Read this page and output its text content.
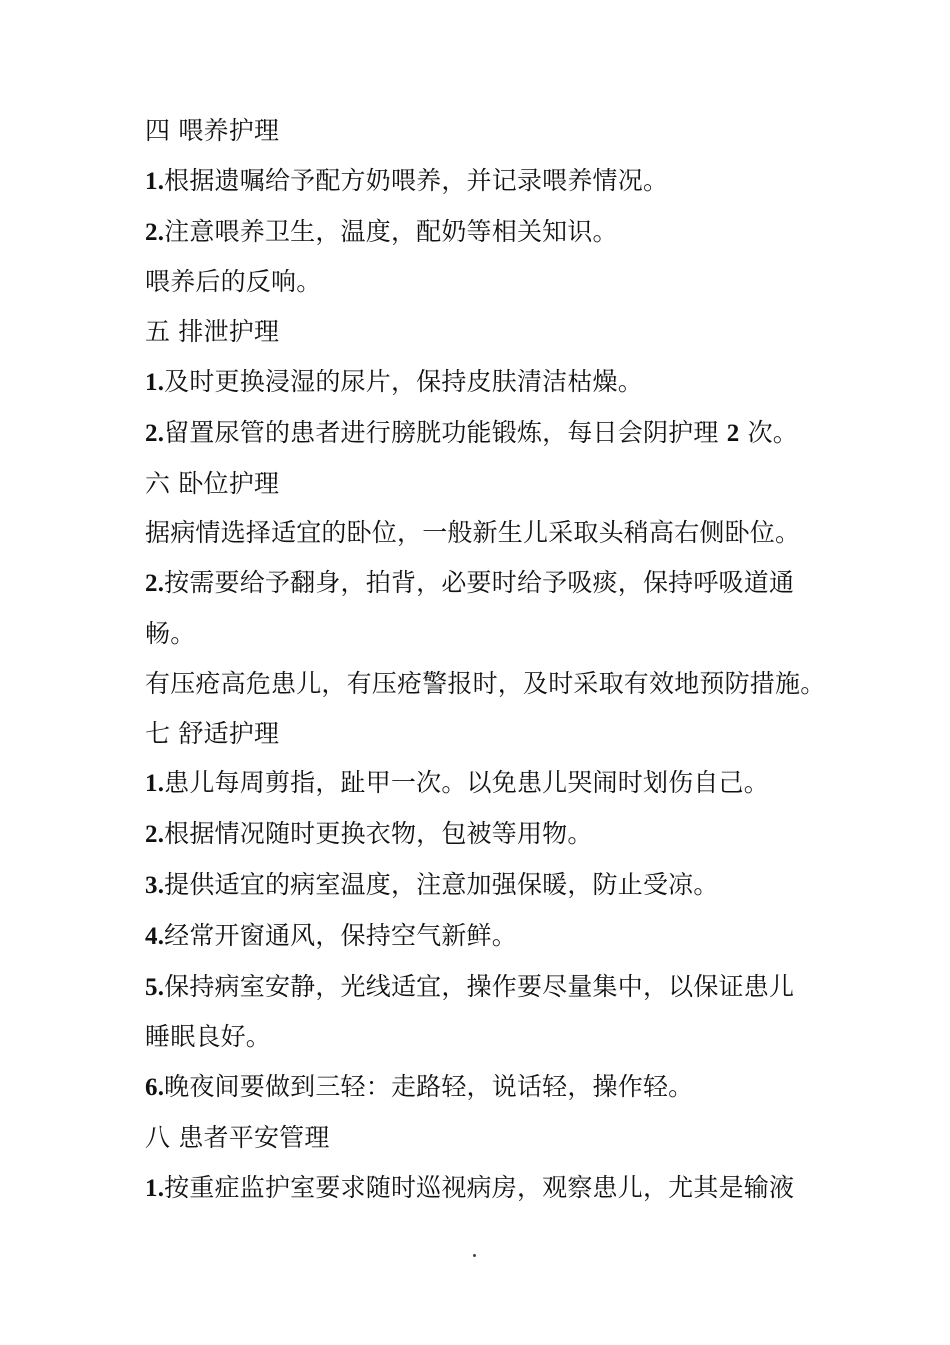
四 喂养护理
1.根据遗嘱给予配方奶喂养，并记录喂养情况。
2.注意喂养卫生，温度，配奶等相关知识。
喂养后的反响。
五 排泄护理
1.及时更换浸湿的尿片，保持皮肤清洁枯燥。
2.留置尿管的患者进行膀胱功能锻炼，每日会阴护理 2 次。
六 卧位护理
据病情选择适宜的卧位，一般新生儿采取头稍高右侧卧位。
2.按需要给予翻身，拍背，必要时给予吸痰，保持呼吸道通
畅。
有压疮高危患儿，有压疮警报时，及时采取有效地预防措施。
七 舒适护理
1.患儿每周剪指，趾甲一次。以免患儿哭闹时划伤自己。
2.根据情况随时更换衣物，包被等用物。
3.提供适宜的病室温度，注意加强保暖，防止受凉。
4.经常开窗通风，保持空气新鲜。
5.保持病室安静，光线适宜，操作要尽量集中，以保证患儿
睡眠良好。
6.晚夜间要做到三轻：走路轻，说话轻，操作轻。
八 患者平安管理
1.按重症监护室要求随时巡视病房，观察患儿，尤其是输液
